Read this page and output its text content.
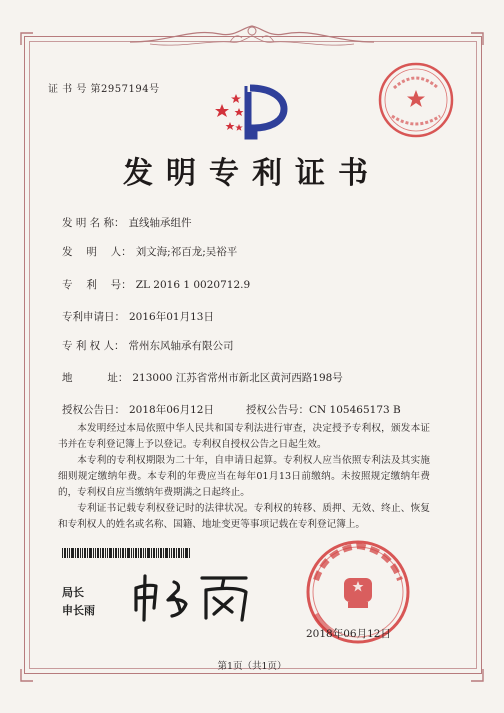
证 书 号 第2957194号
发明专利证书
发 明 名 称： 直线轴承组件
发　 明　 人： 刘文海;祁百龙;吴裕平
专　 利　 号： ZL 2016 1 0020712.9
专利申请日： 2016年01月13日
专 利 权 人： 常州东风轴承有限公司
地　　　 址： 213000 江苏省常州市新北区黄河西路198号
授权公告日： 2018年06月12日	授权公告号：CN 105465173 B
本发明经过本局依照中华人民共和国专利法进行审查，决定授予专利权，颁发本证书并在专利登记簿上予以登记。专利权自授权公告之日起生效。
本专利的专利权期限为二十年，自申请日起算。专利权人应当依照专利法及其实施细则规定缴纳年费。本专利的年费应当在每年01月13日前缴纳。未按照规定缴纳年费的，专利权自应当缴纳年费期满之日起终止。
专利证书记载专利权登记时的法律状况。专利权的转移、质押、无效、终止、恢复和专利权人的姓名或名称、国籍、地址变更等事项记载在专利登记簿上。
局长
申长雨
2018年06月12日
第1页（共1页）
